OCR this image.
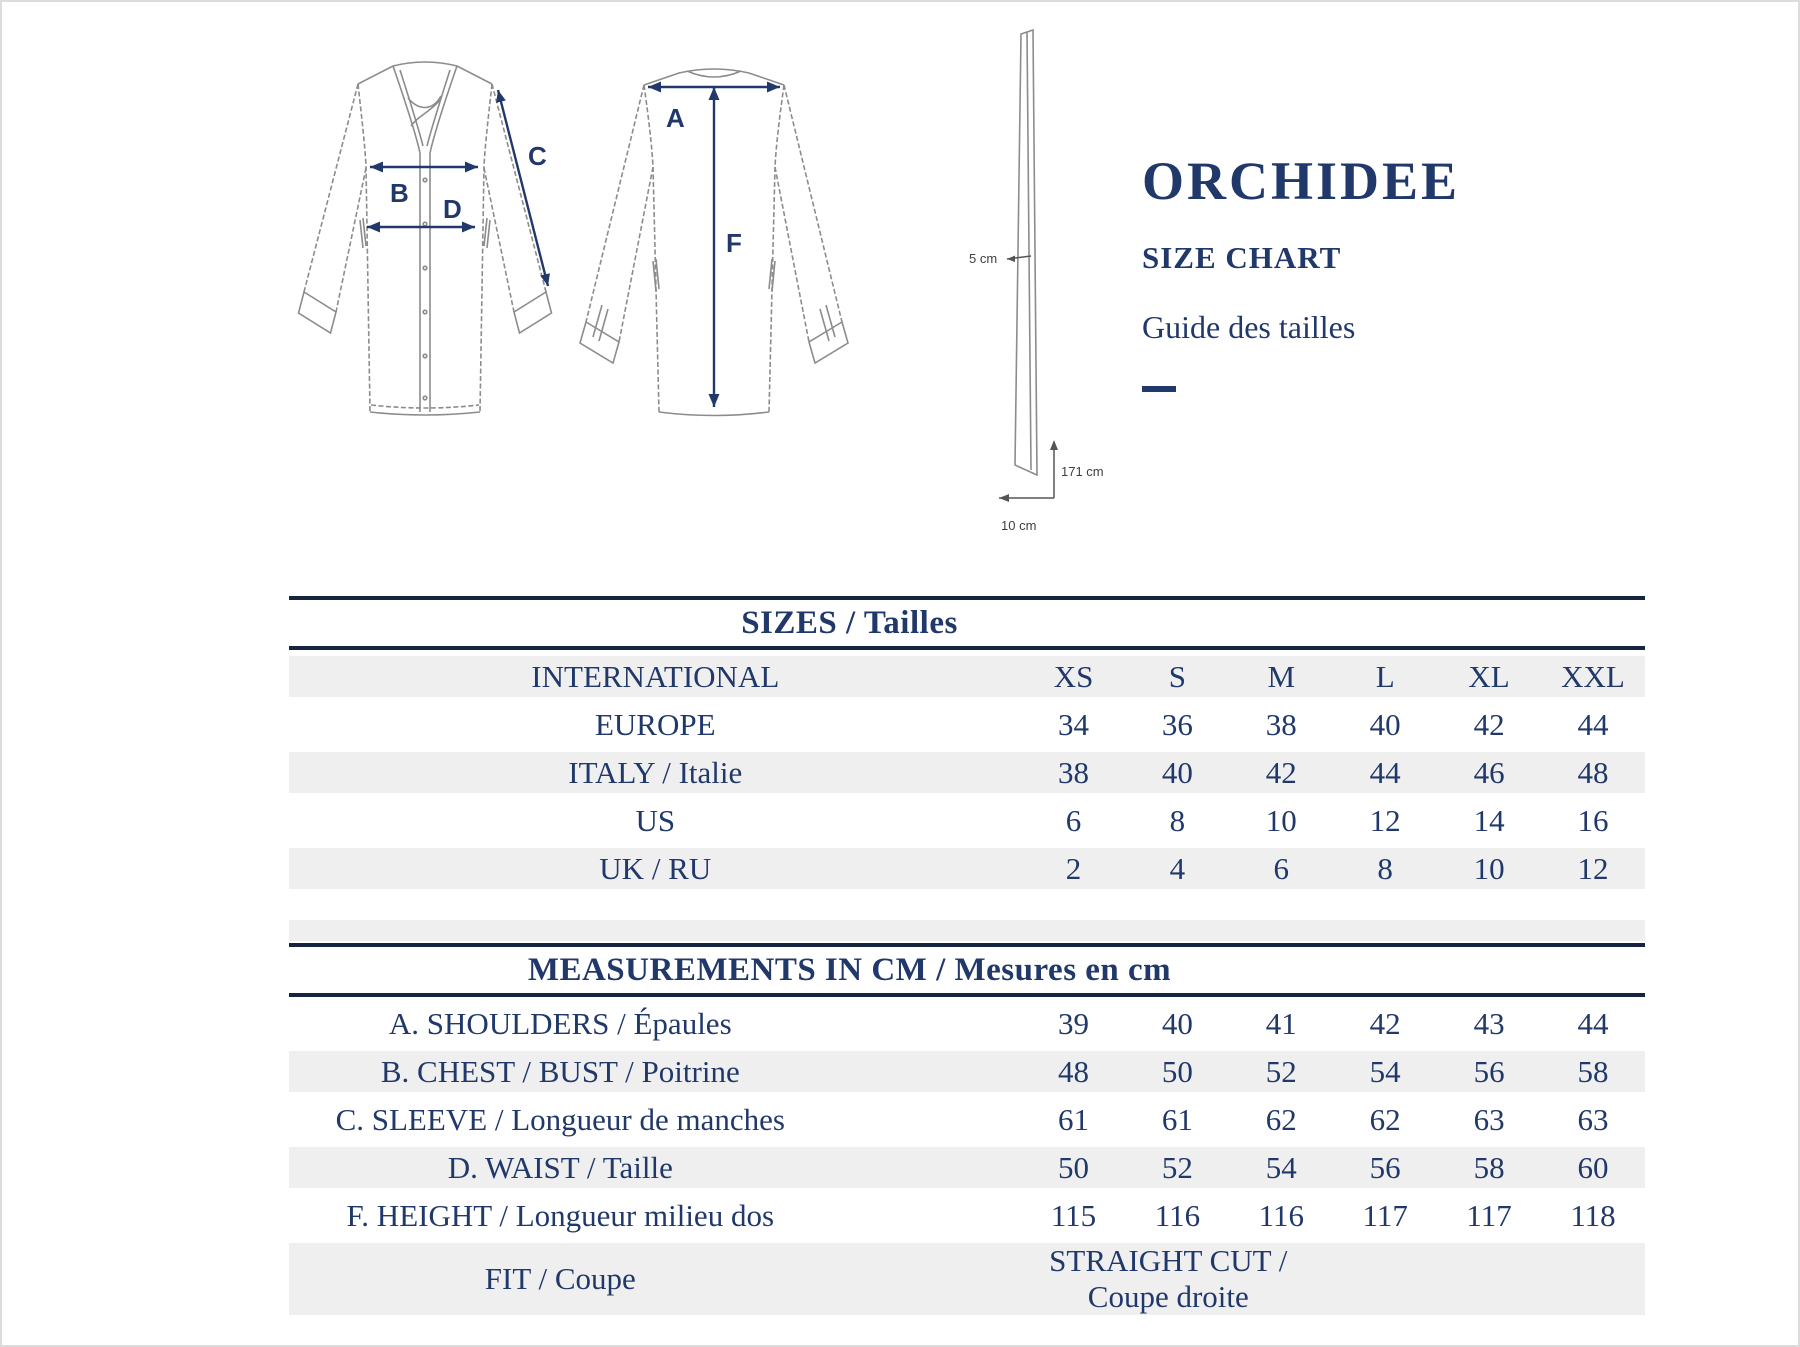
B
D
C
A
F
5 cm
171 cm
10 cm
ORCHIDEE
SIZE CHART
Guide des tailles
SIZES / Tailles
INTERNATIONAL	XS	S	M	L	XL	XXL
EUROPE	34	36	38	40	42	44
ITALY / Italie	38	40	42	44	46	48
US	6	8	10	12	14	16
UK / RU	2	4	6	8	10	12
MEASUREMENTS IN CM / Mesures en cm
A. SHOULDERS / Épaules	39	40	41	42	43	44
B. CHEST / BUST / Poitrine	48	50	52	54	56	58
C. SLEEVE / Longueur de manches	61	61	62	62	63	63
D. WAIST / Taille	50	52	54	56	58	60
F. HEIGHT / Longueur milieu dos	115	116	116	117	117	118
FIT / Coupe	STRAIGHT CUT / Coupe droite					
